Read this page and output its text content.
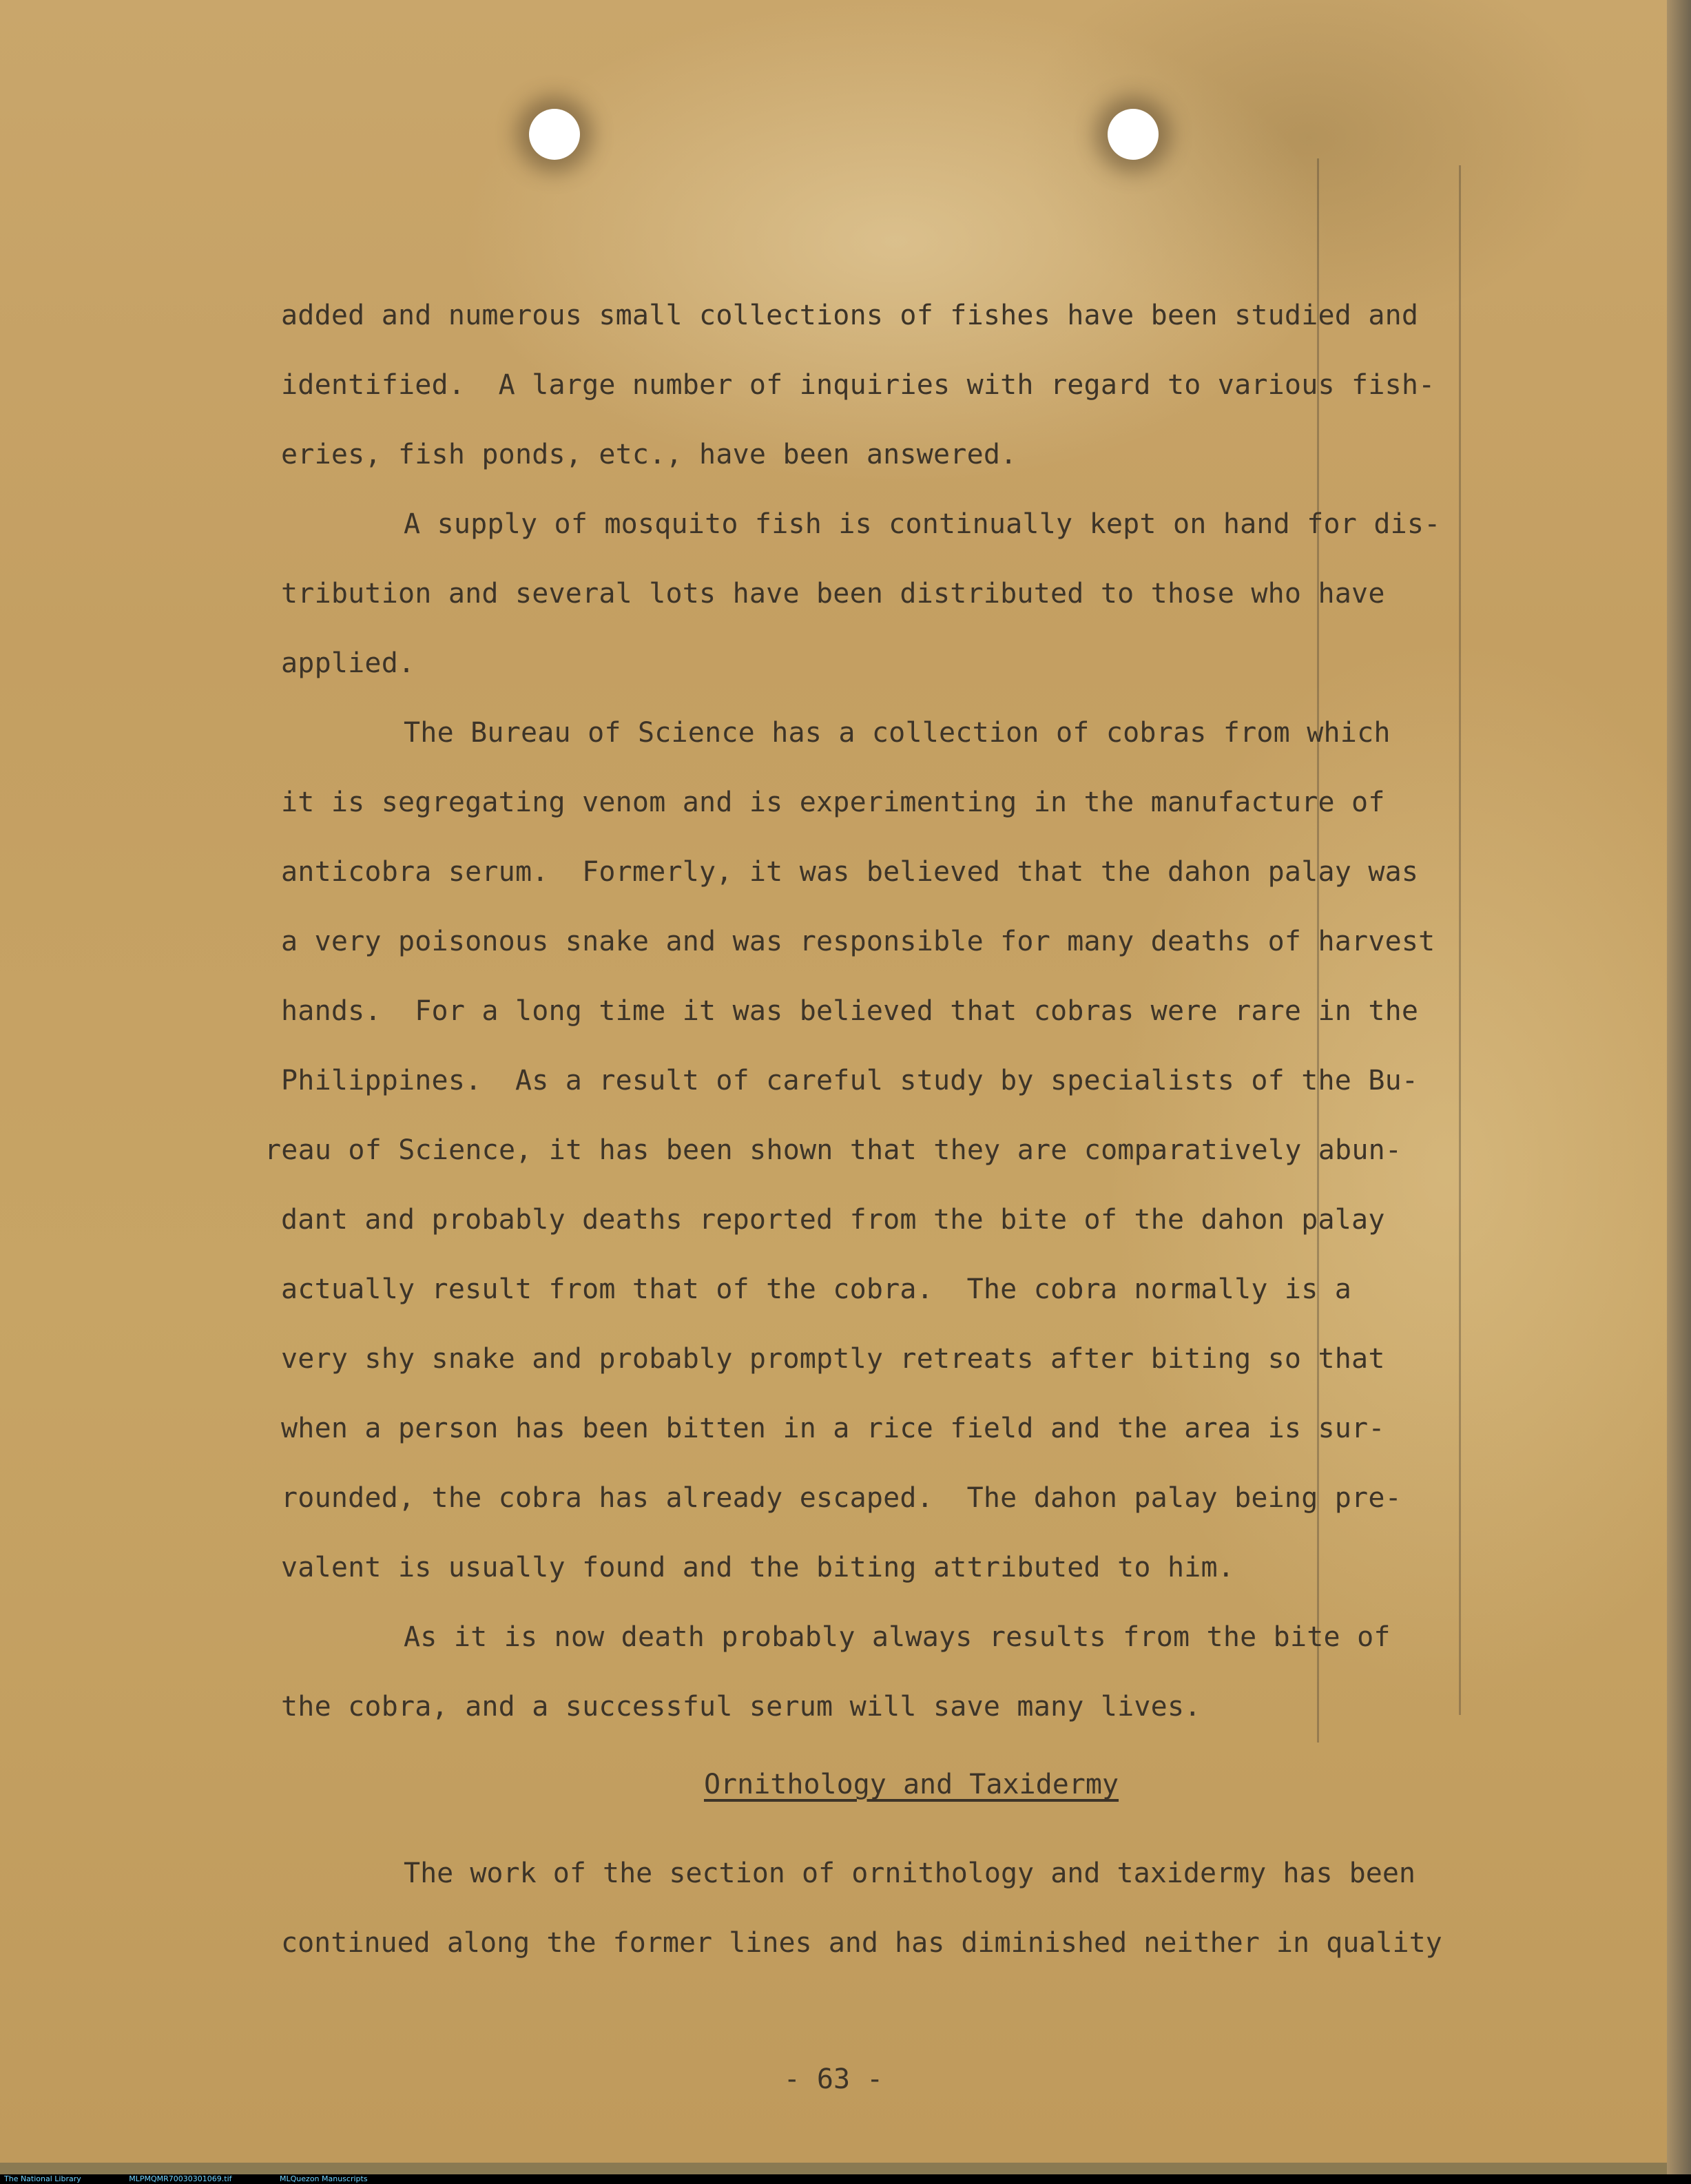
added and numerous small collections of fishes have been studied and
identified.  A large number of inquiries with regard to various fish-
eries, fish ponds, etc., have been answered.
A supply of mosquito fish is continually kept on hand for dis-
tribution and several lots have been distributed to those who have
applied.
The Bureau of Science has a collection of cobras from which
it is segregating venom and is experimenting in the manufacture of
anticobra serum.  Formerly, it was believed that the dahon palay was
a very poisonous snake and was responsible for many deaths of harvest
hands.  For a long time it was believed that cobras were rare in the
Philippines.  As a result of careful study by specialists of the Bu-
reau of Science, it has been shown that they are comparatively abun-
dant and probably deaths reported from the bite of the dahon palay
actually result from that of the cobra.  The cobra normally is a
very shy snake and probably promptly retreats after biting so that
when a person has been bitten in a rice field and the area is sur-
rounded, the cobra has already escaped.  The dahon palay being pre-
valent is usually found and the biting attributed to him.
As it is now death probably always results from the bite of
the cobra, and a successful serum will save many lives.
Ornithology and Taxidermy
The work of the section of ornithology and taxidermy has been
continued along the former lines and has diminished neither in quality
- 63 -
The National Library	MLPMQMR70030301069.tif	MLQuezon Manuscripts
